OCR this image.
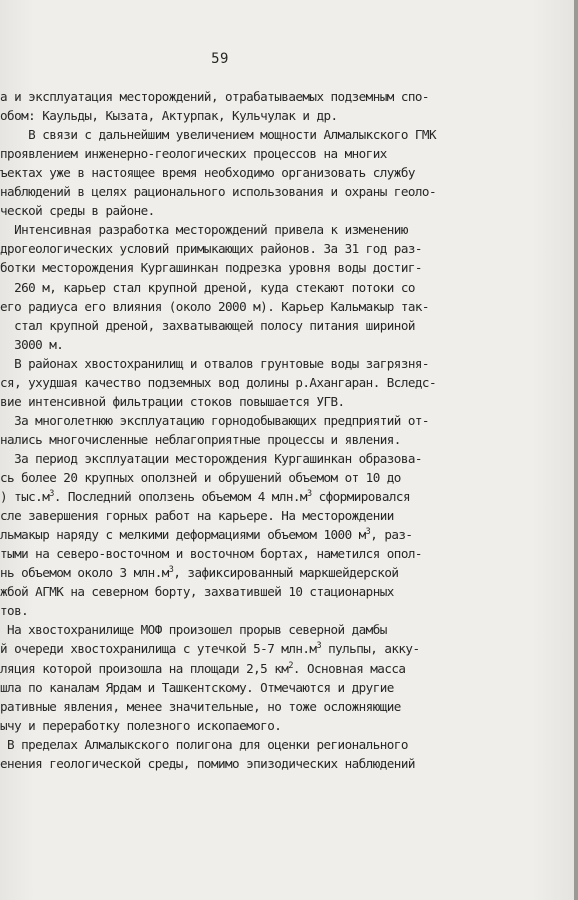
59
а и эксплуатация месторождений, отрабатываемых подземным спо-
обом: Каульды, Кызата, Актурпак, Кульчулак и др.
В связи с дальнейшим увеличением мощности Алмалыкского ГМК
проявлением инженерно-геологических процессов на многих
ъектах уже в настоящее время необходимо организовать службу
наблюдений в целях рационального использования и охраны геоло-
ческой среды в районе.
Интенсивная разработка месторождений привела к изменению
дрогеологических условий примыкающих районов. За 31 год раз-
ботки месторождения Кургашинкан подрезка уровня воды достиг-
260 м, карьер стал крупной дреной, куда стекают потоки со
его радиуса его влияния (около 2000 м). Карьер Кальмакыр так-
стал крупной дреной, захватывающей полосу питания шириной
3000 м.
В районах хвостохранилищ и отвалов грунтовые воды загрязня-
ся, ухудшая качество подземных вод долины р.Ахангаран. Вследс-
вие интенсивной фильтрации стоков повышается УГВ.
За многолетнюю эксплуатацию горнодобывающих предприятий от-
нались многочисленные неблагоприятные процессы и явления.
За период эксплуатации месторождения Кургашинкан образова-
сь более 20 крупных оползней и обрушений объемом от 10 до
) $тыс.м^3$. Последний оползень объемом 4 $млн.м^3$ сформировался
сле завершения горных работ на карьере. На месторождении
льмакыр наряду с мелкими деформациями объемом 1000 $м^3$, раз-
тыми на северо-восточном и восточном бортах, наметился опол-
нь объемом около 3 $млн.м^3$, зафиксированный маркшейдерской
жбой АГМК на северном борту, захватившей 10 стационарных
тов.
На хвостохранилище МОФ произошел прорыв северной дамбы
й очереди хвостохранилища с утечкой 5-7 $млн.м^3$ пульпы, акку-
ляция которой произошла на площади 2,5 $км^2$. Основная масса
шла по каналам Ярдам и Ташкентскому. Отмечаются и другие
ративные явления, менее значительные, но тоже осложняющие
ычу и переработку полезного ископаемого.
В пределах Алмалыкского полигона для оценки регионального
енения геологической среды, помимо эпизодических наблюдений
